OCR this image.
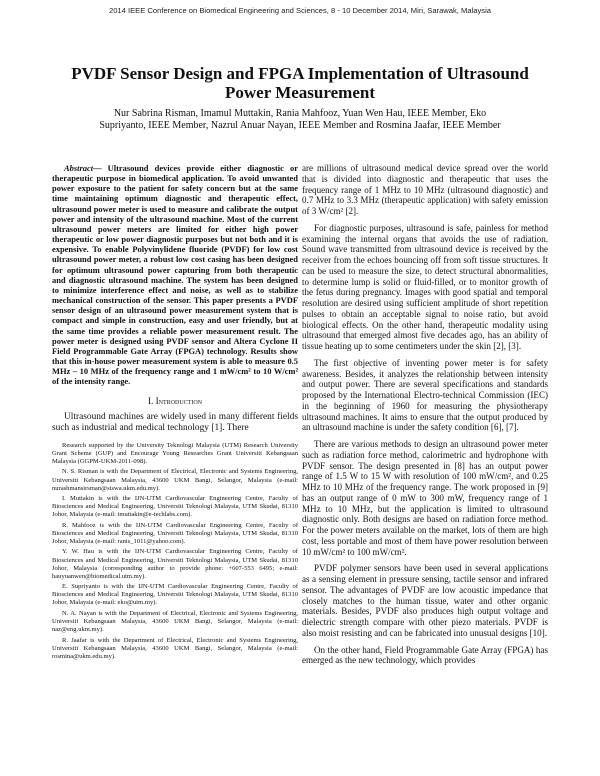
2014 IEEE Conference on Biomedical Engineering and Sciences, 8 - 10 December 2014, Miri, Sarawak, Malaysia
PVDF Sensor Design and FPGA Implementation of Ultrasound Power Measurement
Nur Sabrina Risman, Imamul Muttakin, Rania Mahfooz, Yuan Wen Hau, IEEE Member, Eko
Supriyanto, IEEE Member, Nazrul Anuar Nayan, IEEE Member and Rosmina Jaafar, IEEE Member

Abstract— Ultrasound devices provide either diagnostic or therapeutic purpose in biomedical application. To avoid unwanted power exposure to the patient for safety concern but at the same time maintaining optimum diagnostic and therapeutic effect, ultrasound power meter is used to measure and calibrate the output power and intensity of the ultrasound machine. Most of the current ultrasound power meters are limited for either high power therapeutic or low power diagnostic purposes but not both and it is expensive. To enable Polyvinylidene fluoride (PVDF) for low cost ultrasound power meter, a robust low cost casing has been designed for optimum ultrasound power capturing from both therapeutic and diagnostic ultrasound machine. The system has been designed to minimize interference effect and noise, as well as to stabilize mechanical construction of the sensor. This paper presents a PVDF sensor design of an ultrasound power measurement system that is compact and simple in construction, easy and user friendly, but at the same time provides a reliable power measurement result. The power meter is designed using PVDF sensor and Altera Cyclone II Field Programmable Gate Array (FPGA) technology. Results show that this in-house power measurement system is able to measure 0.5 MHz – 10 MHz of the frequency range and 1 mW/cm² to 10 W/cm² of the intensity range.

I. Introduction

Ultrasound machines are widely used in many different fields such as industrial and medical technology [1]. There

Research supported by the University Teknologi Malaysia (UTM) Research University Grant Scheme (GUP) and Encourage Young Researches Grant Universiti Kebangsaan Malaysia (GGPM-UKM-2011-098).

N. S. Risman is with the Department of Electrical, Electronic and Systems Engineering, Universiti Kebangsaan Malaysia, 43600 UKM Bangi, Selangor, Malaysia (e-mail: nurashmansirsman@siswa.ukm.edu.my).

I. Muttakin is with the IJN-UTM Cardiovascular Engineering Centre, Faculty of Biosciences and Medical Engineering, Universiti Teknologi Malaysia, UTM Skudai, 81310 Johor, Malaysia (e-mail: imuttakin@e-techlabs.com).

R. Mahfooz is with the IJN-UTM Cardiovascular Engineering Centre, Faculty of Biosciences and Medical Engineering, Universiti Teknologi Malaysia, UTM Skudai, 81310 Johor, Malaysia (e-mail: ranis_1011@yahoo.com).

Y. W. Hau is with the IJN-UTM Cardiovascular Engineering Centre, Faculty of Biosciences and Medical Engineering, Universiti Teknologi Malaysia, UTM Skudai, 81310 Johor, Malaysia (corresponding author to provide phone: +607-553 6495; e-mail: hauyuanwen@biomedical.utm.my).

E. Supriyanto is with the IJN-UTM Cardiovascular Engineering Centre, Faculty of Biosciences and Medical Engineering, Universiti Teknologi Malaysia, UTM Skudai, 81310 Johor, Malaysia (e-mail: eko@utm.my).

N. A. Nayan is with the Department of Electrical, Electronic and Systems Engineering, Universiti Kebangsaan Malaysia, 43600 UKM Bangi, Selangor, Malaysia (e-mail: naz@eng.ukm.my).

R. Jaafar is with the Department of Electrical, Electronic and Systems Engineering, Universiti Kebangsaan Malaysia, 43600 UKM Bangi, Selangor, Malaysia (e-mail: rosmina@ukm.edu.my).

are millions of ultrasound medical device spread over the world that is divided into diagnostic and therapeutic that uses the frequency range of 1 MHz to 10 MHz (ultrasound diagnostic) and 0.7 MHz to 3.3 MHz (therapeutic application) with safety emission of 3 W/cm² [2].

For diagnostic purposes, ultrasound is safe, painless for method examining the internal organs that avoids the use of radiation. Sound wave transmitted from ultrasound device is received by the receiver from the echoes bouncing off from soft tissue structures. It can be used to measure the size, to detect structural abnormalities, to determine lump is solid or fluid-filled, or to monitor growth of the fetus during pregnancy. Images with good spatial and temporal resolution are desired using sufficient amplitude of short repetition pulses to obtain an acceptable signal to noise ratio, but avoid biological effects. On the other hand, therapeutic modality using ultrasound that emerged almost five decades ago, has an ability of tissue heating up to some centimeters under the skin [2], [3].

The first objective of inventing power meter is for safety awareness. Besides, it analyzes the relationship between intensity and output power. There are several specifications and standards proposed by the International Electro-technical Commission (IEC) in the beginning of 1960 for measuring the physiotherapy ultrasound machines. It aims to ensure that the output produced by an ultrasound machine is under the safety condition [6], [7].

There are various methods to design an ultrasound power meter such as radiation force method, calorimetric and hydrophone with PVDF sensor. The design presented in [8] has an output power range of 1.5 W to 15 W with resolution of 100 mW/cm², and 0.25 MHz to 10 MHz of the frequency range. The work proposed in [9] has an output range of 0 mW to 300 mW, frequency range of 1 MHz to 10 MHz, but the application is limited to ultrasound diagnostic only. Both designs are based on radiation force method. For the power meters available on the market, lots of them are high cost, less portable and most of them have power resolution between 10 mW/cm² to 100 mW/cm².

PVDF polymer sensors have been used in several applications as a sensing element in pressure sensing, tactile sensor and infrared sensor. The advantages of PVDF are low acoustic impedance that closely matches to the human tissue, water and other organic materials. Besides, PVDF also produces high output voltage and dielectric strength compare with other piezo materials. PVDF is also moist resisting and can be fabricated into unusual designs [10].

On the other hand, Field Programmable Gate Array (FPGA) has emerged as the new technology, which provides
